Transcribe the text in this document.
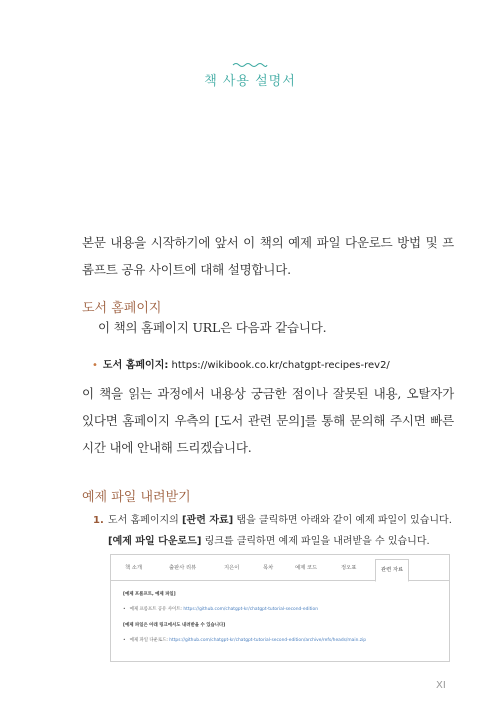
책 사용 설명서
본문 내용을 시작하기에 앞서 이 책의 예제 파일 다운로드 방법 및 프롬프트 공유 사이트에 대해 설명합니다.
도서 홈페이지
이 책의 홈페이지 URL은 다음과 같습니다.
• 도서 홈페이지: https://wikibook.co.kr/chatgpt-recipes-rev2/
이 책을 읽는 과정에서 내용상 궁금한 점이나 잘못된 내용, 오탈자가 있다면 홈페이지 우측의 [도서 관련 문의]를 통해 문의해 주시면 빠른 시간 내에 안내해 드리겠습니다.
예제 파일 내려받기
1. 도서 홈페이지의 [관련 자료] 탭을 클릭하면 아래와 같이 예제 파일이 있습니다. [예제 파일 다운로드] 링크를 클릭하면 예제 파일을 내려받을 수 있습니다.
책 소개	출판사 리뷰	지은이	목차	예제 코드	정오표	관련 자료
[예제 프롬프트, 예제 파일]
• 예제 프롬프트 공유 사이트: https://github.com/chatgpt-kr/chatgpt-tutorial-second-edition
[예제 파일은 아래 링크에서도 내려받을 수 있습니다]
• 예제 파일 다운로드: https://github.com/chatgpt-kr/chatgpt-tutorial-second-edition/archive/refs/heads/main.zip
XI
